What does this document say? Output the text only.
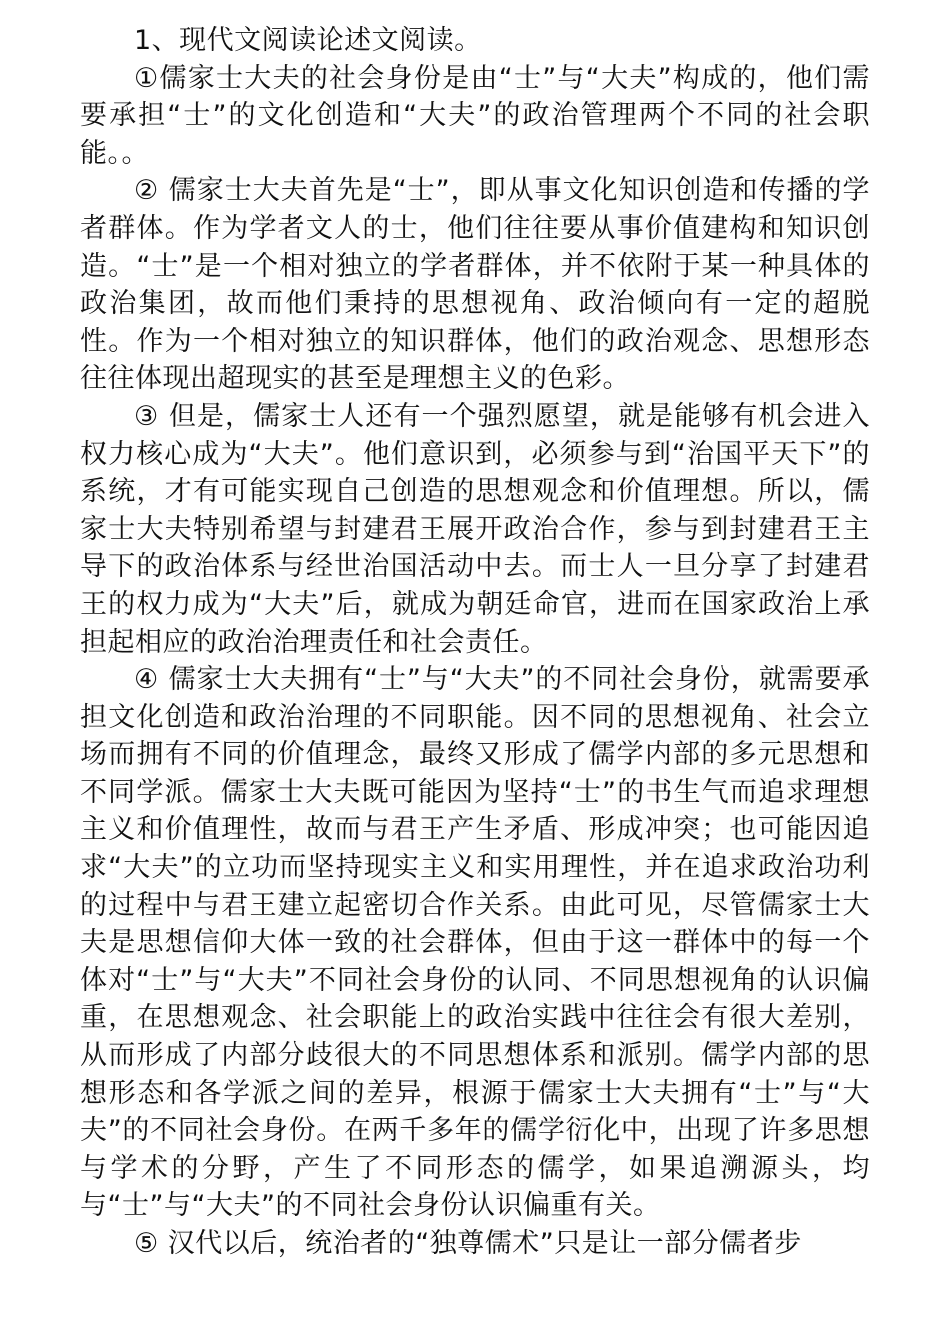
1、现代文阅读论述文阅读。

①儒家士大夫的社会身份是由“士”与“大夫”构成的，他们需要承担“士”的文化创造和“大夫”的政治管理两个不同的社会职能。。

② 儒家士大夫首先是“士”，即从事文化知识创造和传播的学者群体。作为学者文人的士，他们往往要从事价值建构和知识创造。“士”是一个相对独立的学者群体，并不依附于某一种具体的政治集团，故而他们秉持的思想视角、政治倾向有一定的超脱性。作为一个相对独立的知识群体，他们的政治观念、思想形态往往体现出超现实的甚至是理想主义的色彩。

③ 但是，儒家士人还有一个强烈愿望，就是能够有机会进入权力核心成为“大夫”。他们意识到，必须参与到“治国平天下”的系统，才有可能实现自己创造的思想观念和价值理想。所以，儒家士大夫特别希望与封建君王展开政治合作，参与到封建君王主导下的政治体系与经世治国活动中去。而士人一旦分享了封建君王的权力成为“大夫”后，就成为朝廷命官，进而在国家政治上承担起相应的政治治理责任和社会责任。

④ 儒家士大夫拥有“士”与“大夫”的不同社会身份，就需要承担文化创造和政治治理的不同职能。因不同的思想视角、社会立场而拥有不同的价值理念，最终又形成了儒学内部的多元思想和不同学派。儒家士大夫既可能因为坚持“士”的书生气而追求理想主义和价值理性，故而与君王产生矛盾、形成冲突；也可能因追求“大夫”的立功而坚持现实主义和实用理性，并在追求政治功利的过程中与君王建立起密切合作关系。由此可见，尽管儒家士大夫是思想信仰大体一致的社会群体，但由于这一群体中的每一个体对“士”与“大夫”不同社会身份的认同、不同思想视角的认识偏重，在思想观念、社会职能上的政治实践中往往会有很大差别，从而形成了内部分歧很大的不同思想体系和派别。儒学内部的思想形态和各学派之间的差异，根源于儒家士大夫拥有“士”与“大夫”的不同社会身份。在两千多年的儒学衍化中，出现了许多思想与学术的分野，产生了不同形态的儒学，如果追溯源头，均与“士”与“大夫”的不同社会身份认识偏重有关。

⑤ 汉代以后，统治者的“独尊儒术”只是让一部分儒者步
